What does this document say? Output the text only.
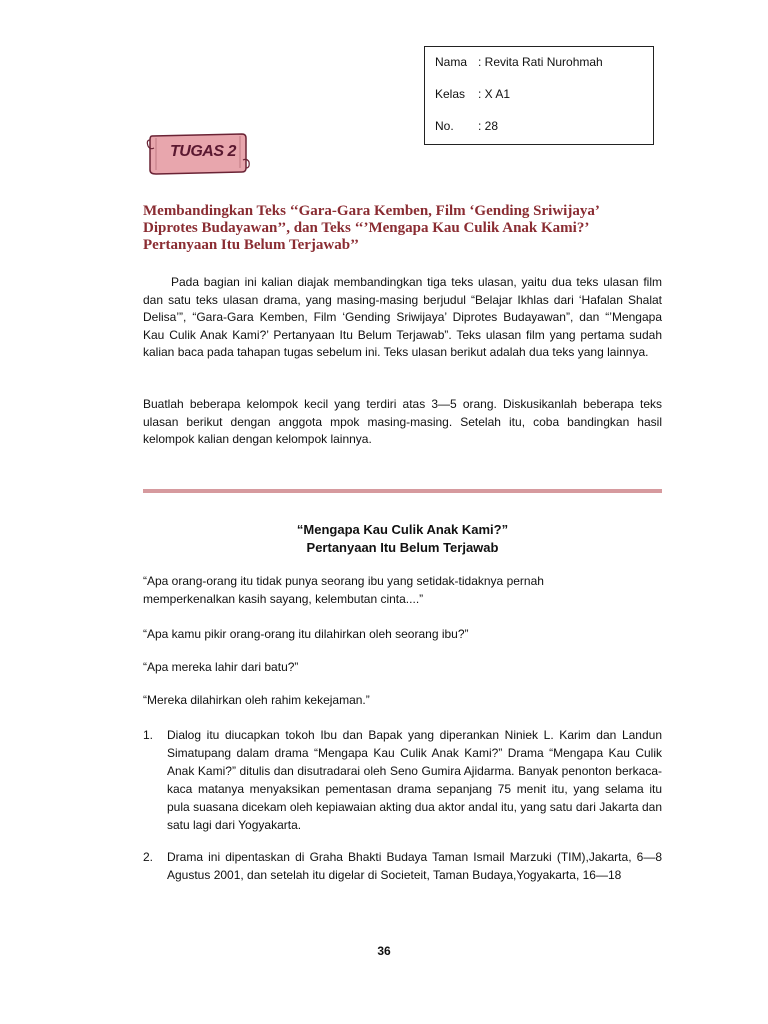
Nama : Revita Rati Nurohmah
Kelas : X A1
No. : 28
TUGAS 2
Membandingkan Teks ‘‘Gara-Gara Kemben, Film ‘Gending Sriwijaya’ Diprotes Budayawan’’, dan Teks ‘‘’Mengapa Kau Culik Anak Kami?’ Pertanyaan Itu Belum Terjawab’’
Pada bagian ini kalian diajak membandingkan tiga teks ulasan, yaitu dua teks ulasan film dan satu teks ulasan drama, yang masing-masing berjudul “Belajar Ikhlas dari ‘Hafalan Shalat Delisa’”, “Gara-Gara Kemben, Film ‘Gending Sriwijaya’ Diprotes Budayawan”, dan “’Mengapa Kau Culik Anak Kami?’ Pertanyaan Itu Belum Terjawab”. Teks ulasan film yang pertama sudah kalian baca pada tahapan tugas sebelum ini. Teks ulasan berikut adalah dua teks yang lainnya.
Buatlah beberapa kelompok kecil yang terdiri atas 3—5 orang. Diskusikanlah beberapa teks ulasan berikut dengan anggota mpok masing-masing. Setelah itu, coba bandingkan hasil kelompok kalian dengan kelompok lainnya.
“Mengapa Kau Culik Anak Kami?”
Pertanyaan Itu Belum Terjawab
“Apa orang-orang itu tidak punya seorang ibu yang setidak-tidaknya pernah memperkenalkan kasih sayang, kelembutan cinta....”
“Apa kamu pikir orang-orang itu dilahirkan oleh seorang ibu?”
“Apa mereka lahir dari batu?”
“Mereka dilahirkan oleh rahim kekejaman.”
1. Dialog itu diucapkan tokoh Ibu dan Bapak yang diperankan Niniek L. Karim dan Landun Simatupang dalam drama “Mengapa Kau Culik Anak Kami?” Drama “Mengapa Kau Culik Anak Kami?” ditulis dan disutradarai oleh Seno Gumira Ajidarma. Banyak penonton berkaca-kaca matanya menyaksikan pementasan drama sepanjang 75 menit itu, yang selama itu pula suasana dicekam oleh kepiawaian akting dua aktor andal itu, yang satu dari Jakarta dan satu lagi dari Yogyakarta.
2. Drama ini dipentaskan di Graha Bhakti Budaya Taman Ismail Marzuki (TIM),Jakarta, 6—8 Agustus 2001, dan setelah itu digelar di Societeit, Taman Budaya,Yogyakarta, 16—18
36
